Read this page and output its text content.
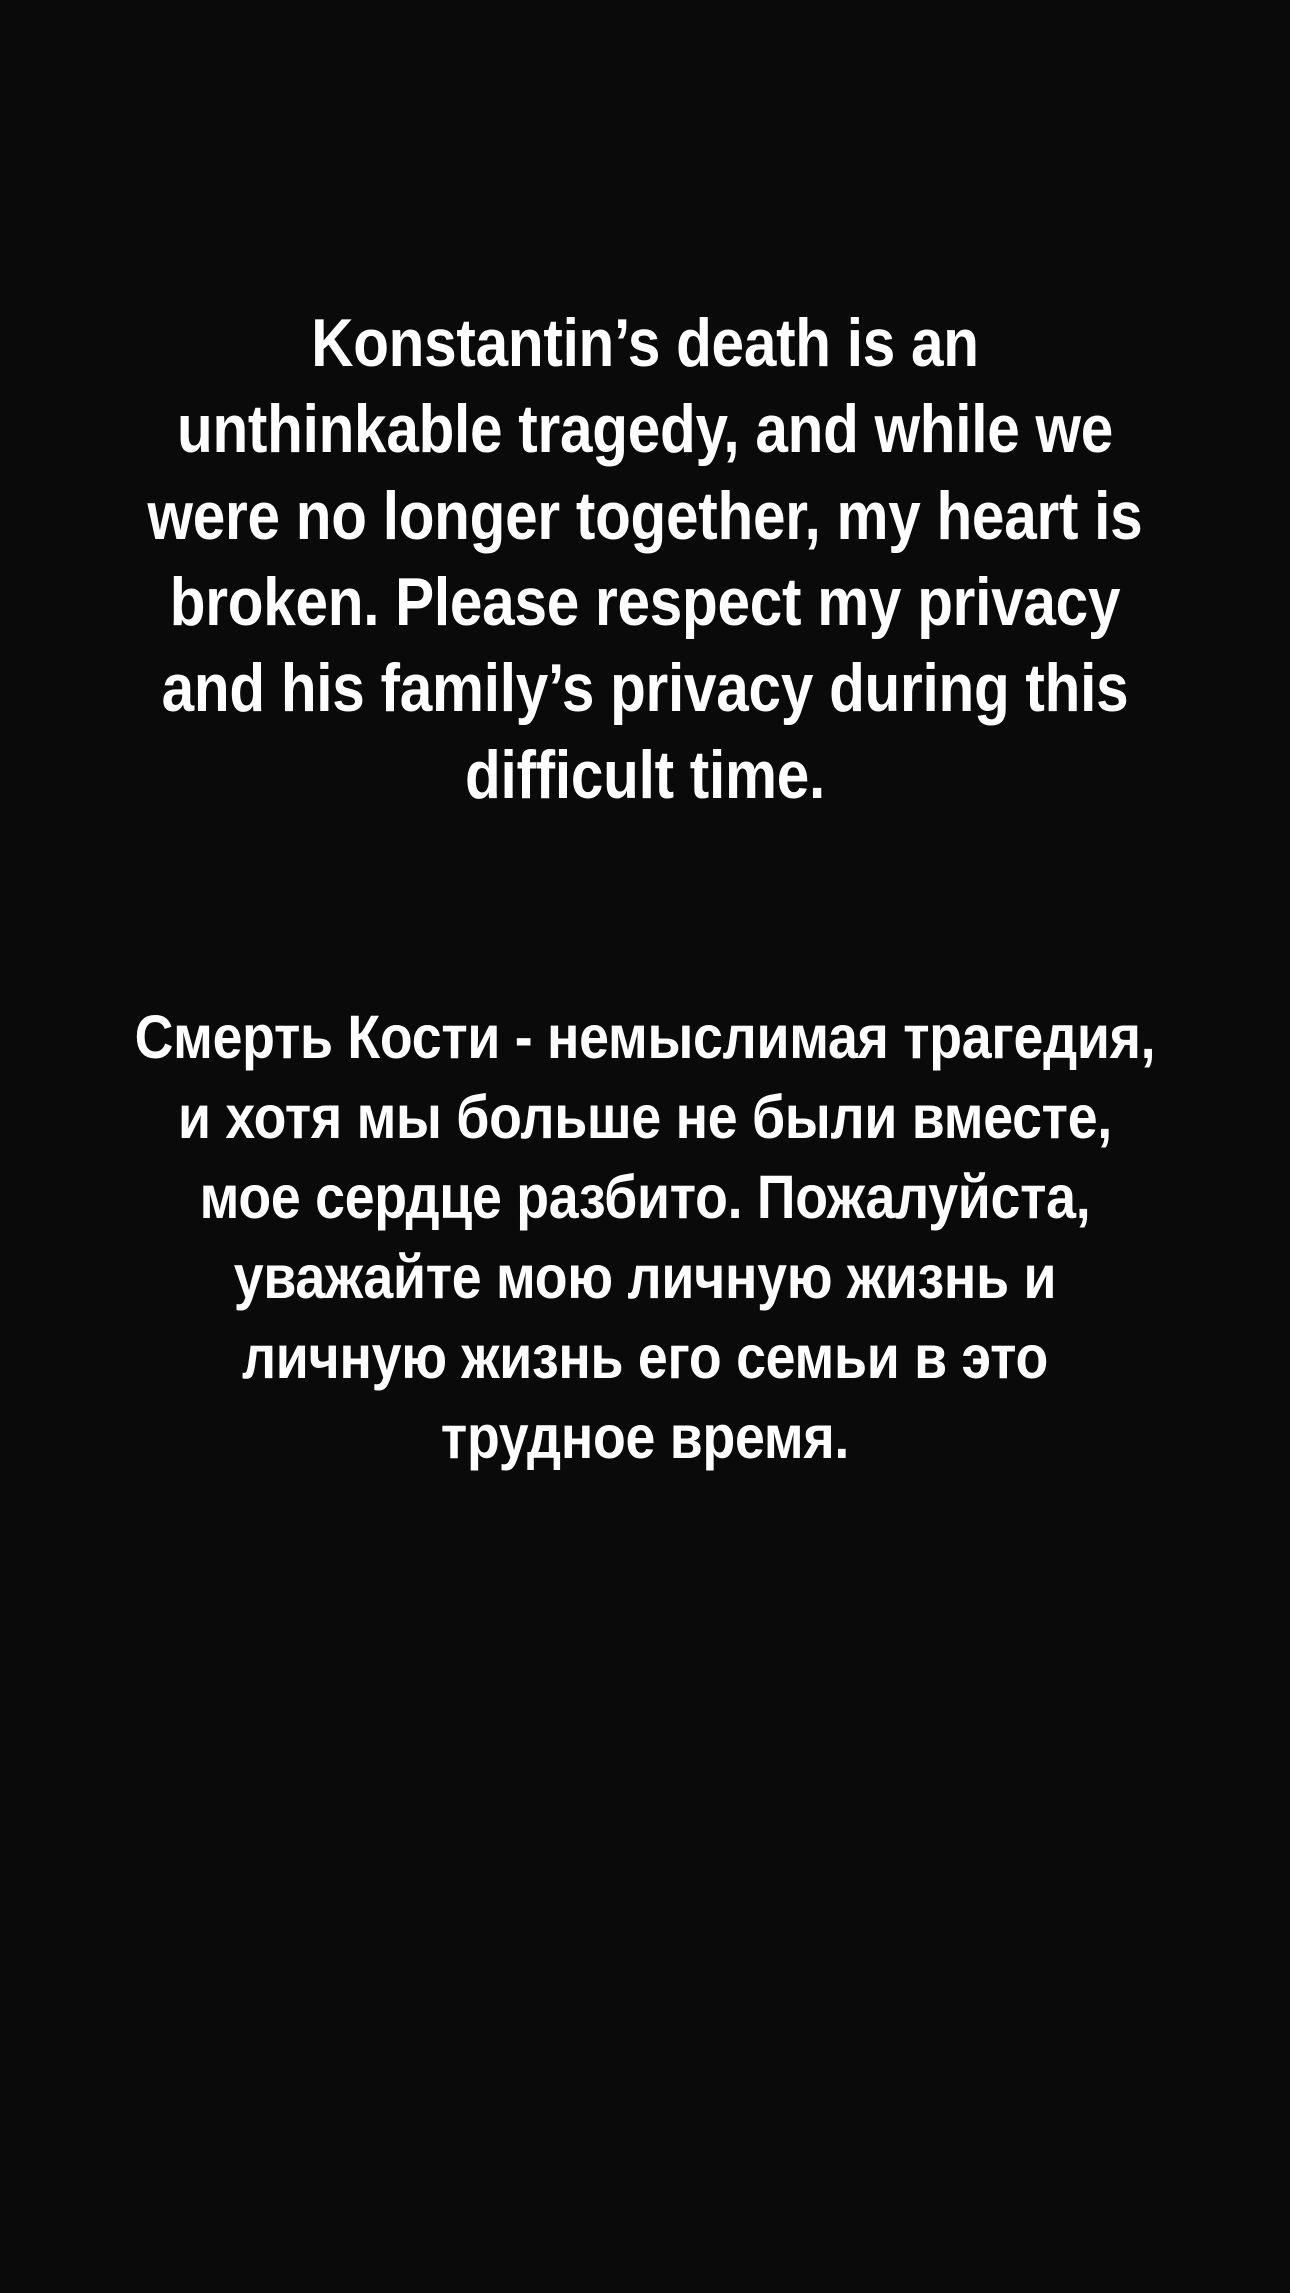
Konstantin’s death is an unthinkable tragedy, and while we were no longer together, my heart is broken. Please respect my privacy and his family’s privacy during this difficult time.
Смерть Кости - немыслимая трагедия, и хотя мы больше не были вместе, мое сердце разбито. Пожалуйста, уважайте мою личную жизнь и личную жизнь его семьи в это трудное время.
